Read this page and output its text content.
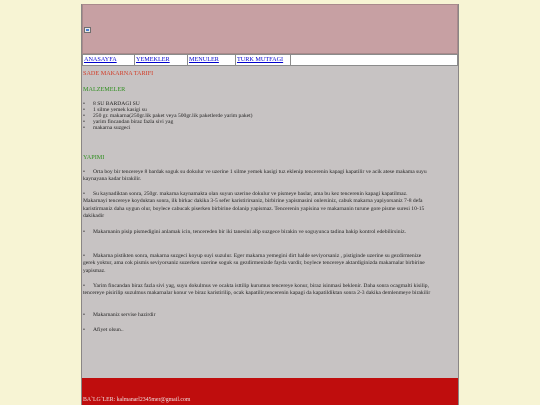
ANASAYFA	YEMEKLER	MENULER	TURK MUTFAGI
SADE MAKARNA TARIFI
MALZEMELER
• 8 SU BARDAGI SU
• 1 silme yemek kasigi su
• 250 gr. makarna(250gr.lik paket veya 500gr.lik paketlerde yarim paket)
• yarim fincandan biraz fazla sivi yag
• makarna suzgeci
YAPIMI
• Orta boy bir tencereye 8 bardak soguk su dokulur ve uzerine 1 silme yemek kasigi tuz eklenip tencerenin kapagi kapatilir ve acik atese makama suyu kaynayana kadar birakilir.
• Su kaynadiktan sonra, 250gr. makarna kaynamakta olan suyun uzerine dokulur ve pismeye baslar, ama bu kez tencerenin kapagi kapatilmaz. Makarnayi tencereye koyduktan sonra, ilk birkac dakika 3-5 sefer karistirirsaniz, birbirine yapismasini onlersiniz, cabuk makarna yapiyorsaniz 7-8 defa karistirmaniz daha uygun olur, boylece cabucak piserken birbirine dolanip yapismaz. Tencerenin yapisina ve makarnanin turune gore pisme suresi 10-15 dakikadir
• Makarnanin pisip pismedigini anlamak icin, tencereden bir iki tanesini alip suzgece birakin ve soguyunca tadina bakip kontrol edebilirsiniz.
• Makarna pistikten sonra, makarna suzgeci koyup suyi suzulur. Eger makarna yemegini dirt halde seviyorsaniz , pistiginde uzerine su gezdirmenize gerek yoktur, ama cok pismis seviyorsaniz suzerken uzerine soguk su gezdirmenizde fayda vardir, boylece tencereye aktardiginizda makarnalar birbirine yapismaz.
• Yarim fincandan biraz fazla sivi yag, suyu dokulmus ve ocakta isttilip kurumus tencereye konur, biraz isinmasi beklenir. Daha sonra ocagmalti kisilip, tencereye pisirilip suzulmus makarnalar konur ve biraz karistirilip, ocak kapatilir,tencerenin kapagi da kapatildiktan sonra 2-3 dakika demlenmeye birakilir
• Makarnaniz servise hazirdir
• Afiyet olsun..
BA˜LG˜LER: kalmanarl2345mer@gmail.com
